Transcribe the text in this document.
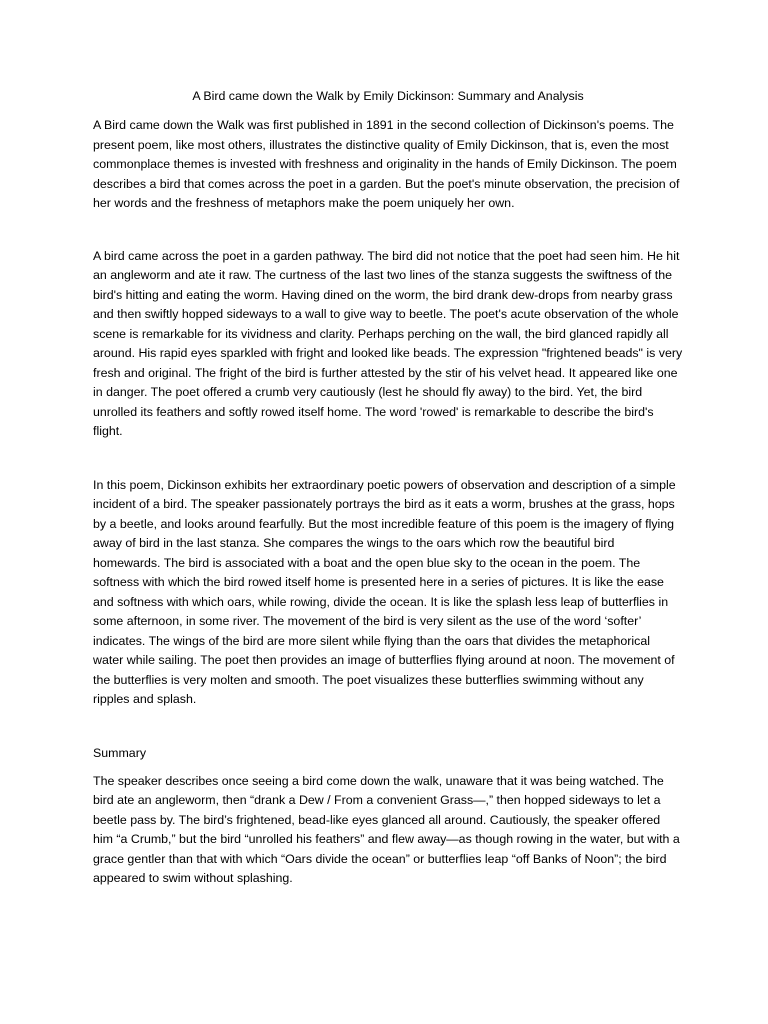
A Bird came down the Walk by Emily Dickinson: Summary and Analysis

A Bird came down the Walk was first published in 1891 in the second collection of Dickinson's poems. The present poem, like most others, illustrates the distinctive quality of Emily Dickinson, that is, even the most commonplace themes is invested with freshness and originality in the hands of Emily Dickinson. The poem describes a bird that comes across the poet in a garden. But the poet's minute observation, the precision of her words and the freshness of metaphors make the poem uniquely her own.

A bird came across the poet in a garden pathway. The bird did not notice that the poet had seen him. He hit an angleworm and ate it raw. The curtness of the last two lines of the stanza suggests the swiftness of the bird's hitting and eating the worm. Having dined on the worm, the bird drank dew-drops from nearby grass and then swiftly hopped sideways to a wall to give way to beetle. The poet's acute observation of the whole scene is remarkable for its vividness and clarity. Perhaps perching on the wall, the bird glanced rapidly all around. His rapid eyes sparkled with fright and looked like beads. The expression "frightened beads" is very fresh and original. The fright of the bird is further attested by the stir of his velvet head. It appeared like one in danger. The poet offered a crumb very cautiously (lest he should fly away) to the bird. Yet, the bird unrolled its feathers and softly rowed itself home. The word 'rowed' is remarkable to describe the bird's flight.

In this poem, Dickinson exhibits her extraordinary poetic powers of observation and description of a simple incident of a bird. The speaker passionately portrays the bird as it eats a worm, brushes at the grass, hops by a beetle, and looks around fearfully. But the most incredible feature of this poem is the imagery of flying away of bird in the last stanza. She compares the wings to the oars which row the beautiful bird homewards. The bird is associated with a boat and the open blue sky to the ocean in the poem. The softness with which the bird rowed itself home is presented here in a series of pictures. It is like the ease and softness with which oars, while rowing, divide the ocean. It is like the splash less leap of butterflies in some afternoon, in some river. The movement of the bird is very silent as the use of the word ‘softer’ indicates. The wings of the bird are more silent while flying than the oars that divides the metaphorical water while sailing. The poet then provides an image of butterflies flying around at noon. The movement of the butterflies is very molten and smooth. The poet visualizes these butterflies swimming without any ripples and splash.

Summary

The speaker describes once seeing a bird come down the walk, unaware that it was being watched. The bird ate an angleworm, then “drank a Dew / From a convenient Grass—,” then hopped sideways to let a beetle pass by. The bird’s frightened, bead-like eyes glanced all around. Cautiously, the speaker offered him “a Crumb,” but the bird “unrolled his feathers” and flew away—as though rowing in the water, but with a grace gentler than that with which “Oars divide the ocean” or butterflies leap “off Banks of Noon”; the bird appeared to swim without splashing.
